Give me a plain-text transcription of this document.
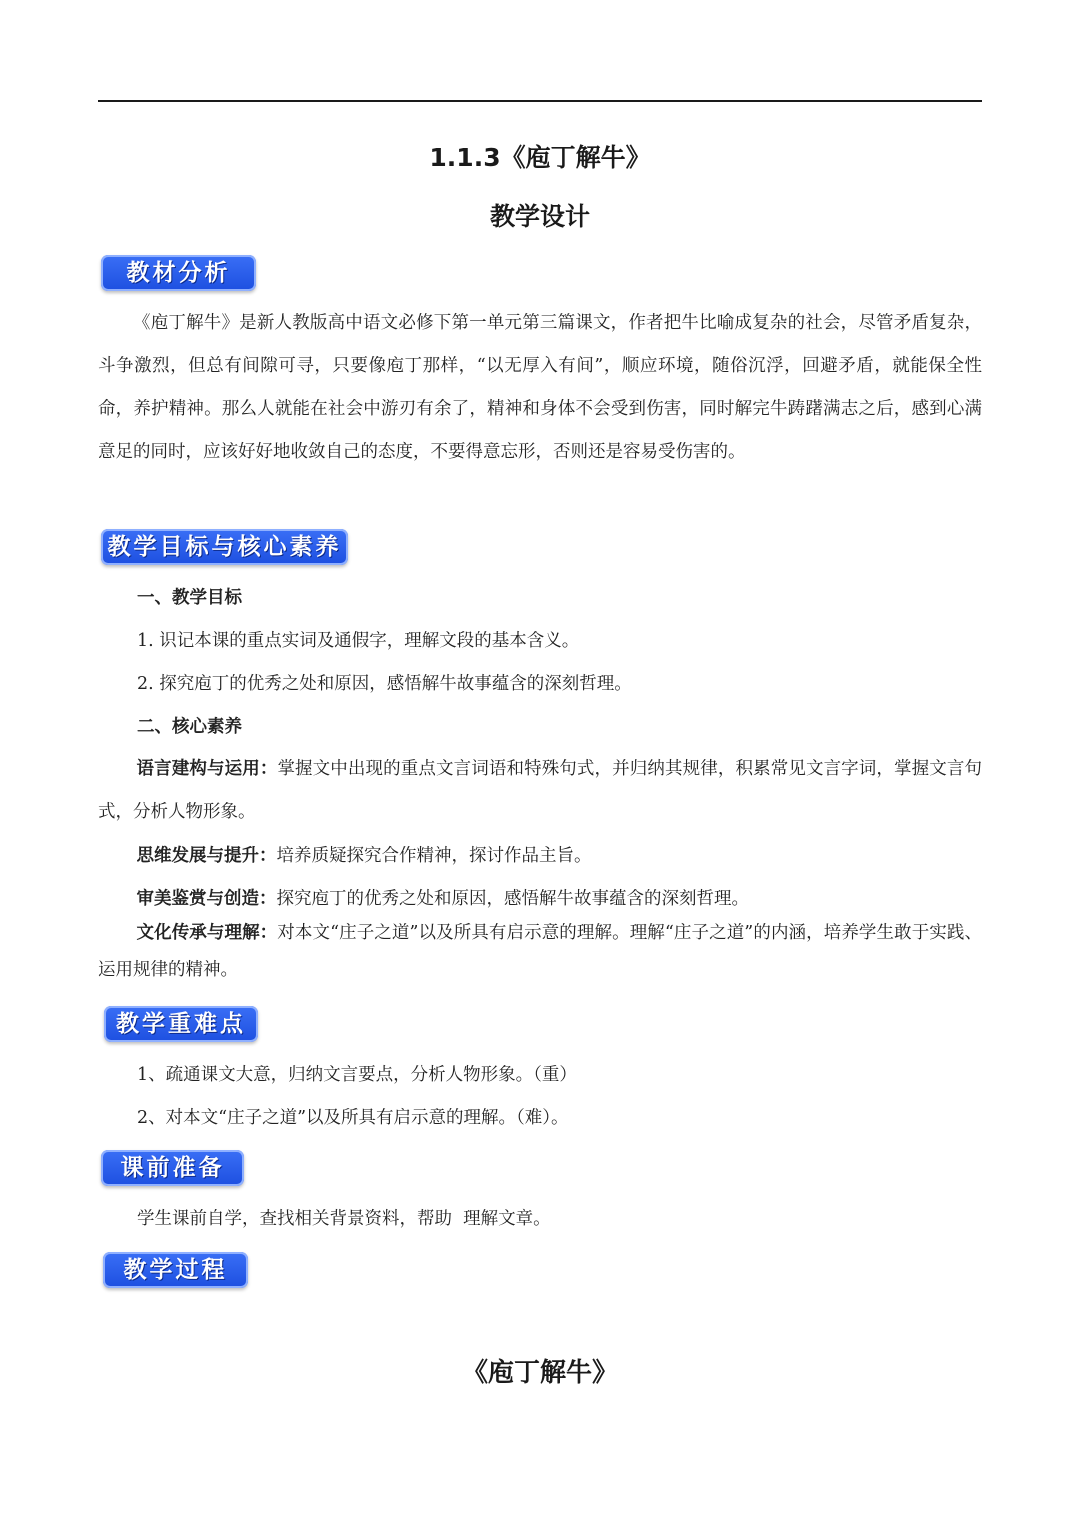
1.1.3《庖丁解牛》
教学设计
教材分析

《庖丁解牛》是新人教版高中语文必修下第一单元第三篇课文，作者把牛比喻成复杂的社会，尽管矛盾复杂，斗争激烈，但总有间隙可寻，只要像庖丁那样，“以无厚入有间”，顺应环境，随俗沉浮，回避矛盾，就能保全性命，养护精神。那么人就能在社会中游刃有余了，精神和身体不会受到伤害，同时解完牛踌躇满志之后，感到心满意足的同时，应该好好地收敛自己的态度，不要得意忘形，否则还是容易受伤害的。

教学目标与核心素养

一、教学目标

1. 识记本课的重点实词及通假字，理解文段的基本含义。

2. 探究庖丁的优秀之处和原因，感悟解牛故事蕴含的深刻哲理。

二、核心素养

语言建构与运用：掌握文中出现的重点文言词语和特殊句式，并归纳其规律，积累常见文言字词，掌握文言句式，分析人物形象。

思维发展与提升：培养质疑探究合作精神，探讨作品主旨。

审美鉴赏与创造：探究庖丁的优秀之处和原因，感悟解牛故事蕴含的深刻哲理。

文化传承与理解：对本文“庄子之道”以及所具有启示意的理解。理解“庄子之道”的内涵，培养学生敢于实践、运用规律的精神。

教学重难点

1、疏通课文大意，归纳文言要点，分析人物形象。（重）

2、对本文“庄子之道”以及所具有启示意的理解。（难）。

课前准备

学生课前自学，查找相关背景资料，帮助  理解文章。

教学过程
《庖丁解牛》
